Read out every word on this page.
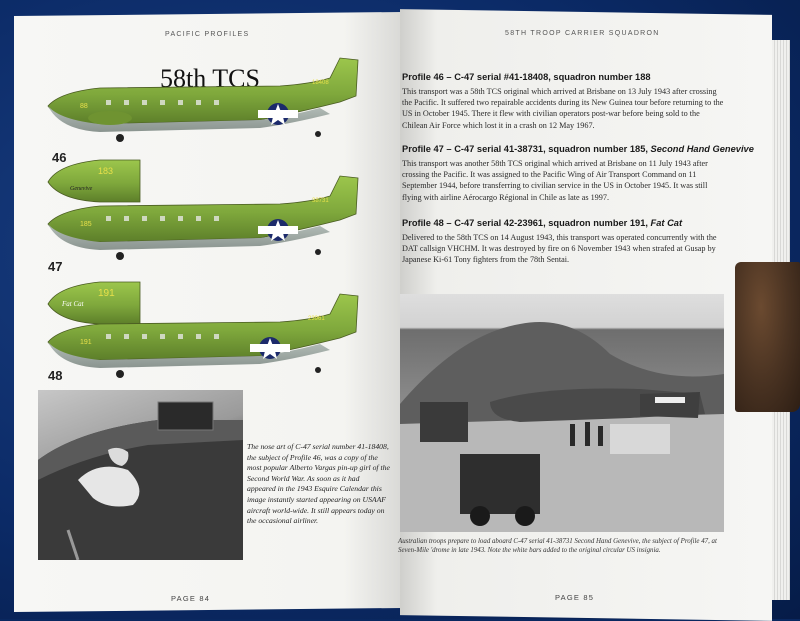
PACIFIC PROFILES
58th TCS	18408
88
183
Genevive
38731
185
191
Fat Cat
23961
191
46
47
48
The nose art of C-47 serial number 41-18408, the subject of Profile 46, was a copy of the most popular Alberto Vargas pin-up girl of the Second World War. As soon as it had appeared in the 1943 Esquire Calendar this image instantly started appearing on USAAF aircraft world-wide. It still appears today on the occasional airliner.
PAGE 84
58TH TROOP CARRIER SQUADRON
Profile 46 – C-47 serial #41-18408, squadron number 188
This transport was a 58th TCS original which arrived at Brisbane on 13 July 1943 after crossing the Pacific. It suffered two repairable accidents during its New Guinea tour before returning to the US in October 1945. There it flew with civilian operators post-war before being sold to the Chilean Air Force which lost it in a crash on 12 May 1967.
Profile 47 – C-47 serial 41-38731, squadron number 185, Second Hand Genevive
This transport was another 58th TCS original which arrived at Brisbane on 11 July 1943 after crossing the Pacific. It was assigned to the Pacific Wing of Air Transport Command on 11 September 1944, before transferring to civilian service in the US in October 1945. It was still flying with airline Aérocargo Régional in Chile as late as 1997.
Profile 48 – C-47 serial 42-23961, squadron number 191, Fat Cat
Delivered to the 58th TCS on 14 August 1943, this transport was operated concurrently with the DAT callsign VHCHM. It was destroyed by fire on 6 November 1943 when strafed at Gusap by Japanese Ki-61 Tony fighters from the 78th Sentai.
Australian troops prepare to load aboard C-47 serial 41-38731 Second Hand Genevive, the subject of Profile 47, at Seven-Mile 'drome in late 1943. Note the white bars added to the original circular US insignia.
PAGE 85
